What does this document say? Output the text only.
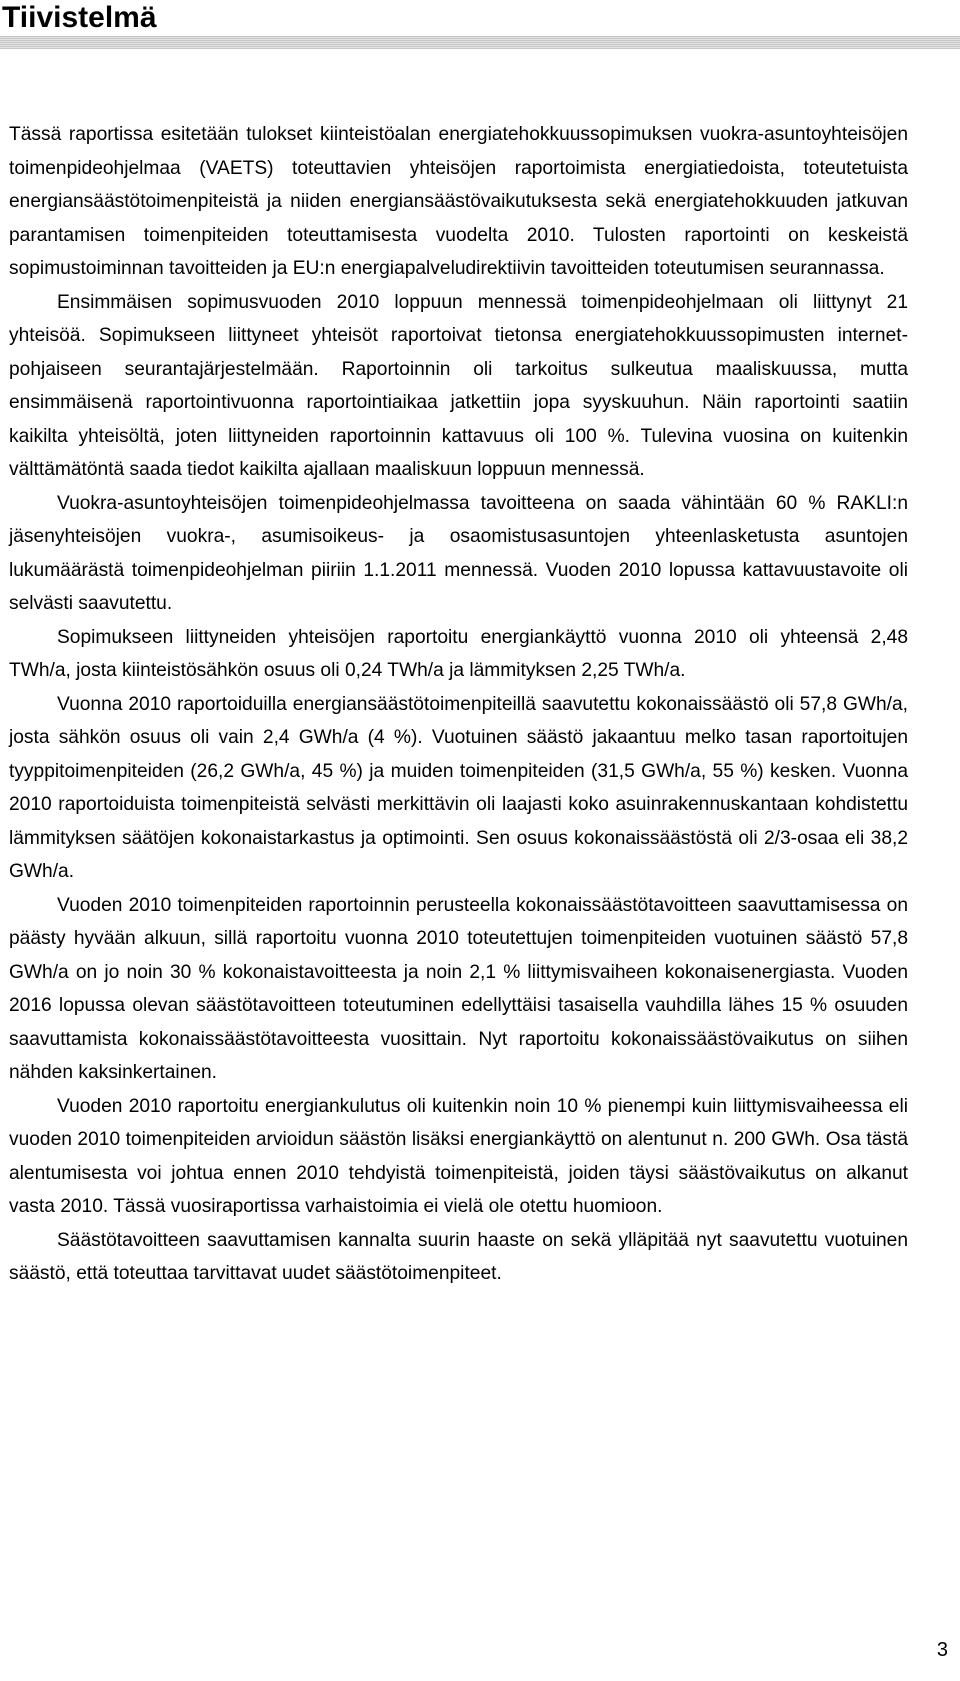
Tiivistelmä

Tässä raportissa esitetään tulokset kiinteistöalan energiatehokkuussopimuksen vuokra-asuntoyhteisöjen toimenpideohjelmaa (VAETS) toteuttavien yhteisöjen raportoimista energiatiedoista, toteutetuista energiansäästötoimenpiteistä ja niiden energiansäästövaikutuksesta sekä energiatehokkuuden jatkuvan parantamisen toimenpiteiden toteuttamisesta vuodelta 2010. Tulosten raportointi on keskeistä sopimustoiminnan tavoitteiden ja EU:n energiapalveludirektiivin tavoitteiden toteutumisen seurannassa.

Ensimmäisen sopimusvuoden 2010 loppuun mennessä toimenpideohjelmaan oli liittynyt 21 yhteisöä. Sopimukseen liittyneet yhteisöt raportoivat tietonsa energiatehokkuussopimusten internet-pohjaiseen seurantajärjestelmään. Raportoinnin oli tarkoitus sulkeutua maaliskuussa, mutta ensimmäisenä raportointivuonna raportointiaikaa jatkettiin jopa syyskuuhun. Näin raportointi saatiin kaikilta yhteisöltä, joten liittyneiden raportoinnin kattavuus oli 100 %. Tulevina vuosina on kuitenkin välttämätöntä saada tiedot kaikilta ajallaan maaliskuun loppuun mennessä.

Vuokra-asuntoyhteisöjen toimenpideohjelmassa tavoitteena on saada vähintään 60 % RAKLI:n jäsenyhteisöjen vuokra-, asumisoikeus- ja osaomistusasuntojen yhteenlasketusta asuntojen lukumäärästä toimenpideohjelman piiriin 1.1.2011 mennessä. Vuoden 2010 lopussa kattavuustavoite oli selvästi saavutettu.

Sopimukseen liittyneiden yhteisöjen raportoitu energiankäyttö vuonna 2010 oli yhteensä 2,48 TWh/a, josta kiinteistösähkön osuus oli 0,24 TWh/a ja lämmityksen 2,25 TWh/a.

Vuonna 2010 raportoiduilla energiansäästötoimenpiteillä saavutettu kokonaissäästö oli 57,8 GWh/a, josta sähkön osuus oli vain 2,4 GWh/a (4 %). Vuotuinen säästö jakaantuu melko tasan raportoitujen tyyppitoimenpiteiden (26,2 GWh/a, 45 %) ja muiden toimenpiteiden (31,5 GWh/a, 55 %) kesken. Vuonna 2010 raportoiduista toimenpiteistä selvästi merkittävin oli laajasti koko asuinrakennuskantaan kohdistettu lämmityksen säätöjen kokonaistarkastus ja optimointi. Sen osuus kokonaissäästöstä oli 2/3-osaa eli 38,2 GWh/a.

Vuoden 2010 toimenpiteiden raportoinnin perusteella kokonaissäästötavoitteen saavuttamisessa on päästy hyvään alkuun, sillä raportoitu vuonna 2010 toteutettujen toimenpiteiden vuotuinen säästö 57,8 GWh/a on jo noin 30 % kokonaistavoitteesta ja noin 2,1 % liittymisvaiheen kokonaisenergiasta. Vuoden 2016 lopussa olevan säästötavoitteen toteutuminen edellyttäisi tasaisella vauhdilla lähes 15 % osuuden saavuttamista kokonaissäästötavoitteesta vuosittain. Nyt raportoitu kokonaissäästövaikutus on siihen nähden kaksinkertainen.

Vuoden 2010 raportoitu energiankulutus oli kuitenkin noin 10 % pienempi kuin liittymisvaiheessa eli vuoden 2010 toimenpiteiden arvioidun säästön lisäksi energiankäyttö on alentunut n. 200 GWh. Osa tästä alentumisesta voi johtua ennen 2010 tehdyistä toimenpiteistä, joiden täysi säästövaikutus on alkanut vasta 2010. Tässä vuosiraportissa varhaistoimia ei vielä ole otettu huomioon.

Säästötavoitteen saavuttamisen kannalta suurin haaste on sekä ylläpitää nyt saavutettu vuotuinen säästö, että toteuttaa tarvittavat uudet säästötoimenpiteet.

3
